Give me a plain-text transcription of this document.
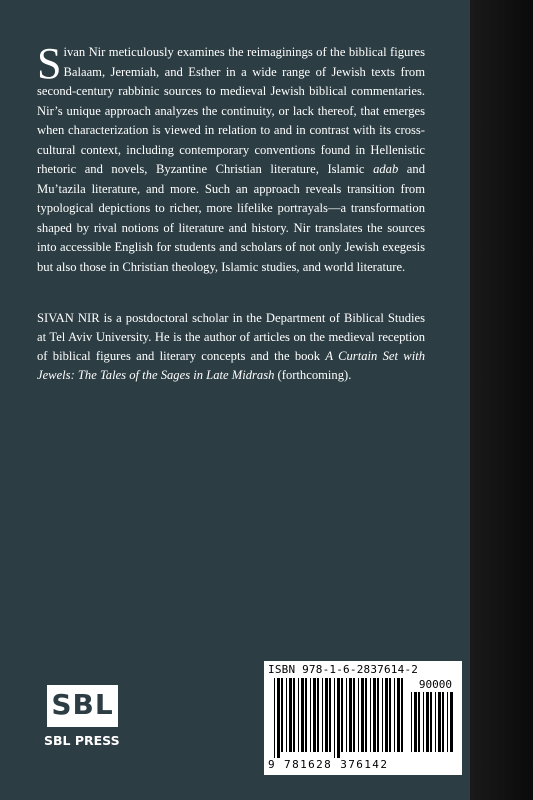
Sivan Nir meticulously examines the reimaginings of the biblical figures Balaam, Jeremiah, and Esther in a wide range of Jewish texts from second-century rabbinic sources to medieval Jewish biblical commentaries. Nir’s unique approach analyzes the continuity, or lack thereof, that emerges when characterization is viewed in relation to and in contrast with its cross-cultural context, including contemporary conventions found in Hellenistic rhetoric and novels, Byzantine Christian literature, Islamic adab and Mu’tazila literature, and more. Such an approach reveals transition from typological depictions to richer, more lifelike portrayals—a transformation shaped by rival notions of literature and history. Nir translates the sources into accessible English for students and scholars of not only Jewish exegesis but also those in Christian theology, Islamic studies, and world literature.
SIVAN NIR is a postdoctoral scholar in the Department of Biblical Studies at Tel Aviv University. He is the author of articles on the medieval reception of biblical figures and literary concepts and the book A Curtain Set with Jewels: The Tales of the Sages in Late Midrash (forthcoming).
SBL
SBL PRESS
ISBN 978-1-6-2837614-2
90000
9 781628 376142
